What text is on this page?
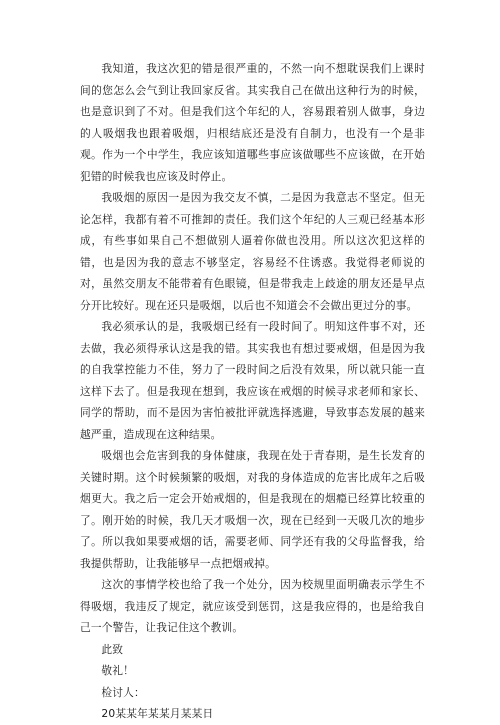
我知道，我这次犯的错是很严重的，不然一向不想耽误我们上课时间的您怎么会气到让我回家反省。其实我自己在做出这种行为的时候，也是意识到了不对。但是我们这个年纪的人，容易跟着别人做事，身边的人吸烟我也跟着吸烟，归根结底还是没有自制力，也没有一个是非观。作为一个中学生，我应该知道哪些事应该做哪些不应该做，在开始犯错的时候我也应该及时停止。

我吸烟的原因一是因为我交友不慎，二是因为我意志不坚定。但无论怎样，我都有着不可推卸的责任。我们这个年纪的人三观已经基本形成，有些事如果自己不想做别人逼着你做也没用。所以这次犯这样的错，也是因为我的意志不够坚定，容易经不住诱惑。我觉得老师说的对，虽然交朋友不能带着有色眼镜，但是带我走上歧途的朋友还是早点分开比较好。现在还只是吸烟，以后也不知道会不会做出更过分的事。

我必须承认的是，我吸烟已经有一段时间了。明知这件事不对，还去做，我必须得承认这是我的错。其实我也有想过要戒烟，但是因为我的自我掌控能力不佳，努力了一段时间之后没有效果，所以就只能一直这样下去了。但是我现在想到，我应该在戒烟的时候寻求老师和家长、同学的帮助，而不是因为害怕被批评就选择逃避，导致事态发展的越来越严重，造成现在这种结果。

吸烟也会危害到我的身体健康，我现在处于青春期，是生长发育的关键时期。这个时候频繁的吸烟，对我的身体造成的危害比成年之后吸烟更大。我之后一定会开始戒烟的，但是我现在的烟瘾已经算比较重的了。刚开始的时候，我几天才吸烟一次，现在已经到一天吸几次的地步了。所以我如果要戒烟的话，需要老师、同学还有我的父母监督我，给我提供帮助，让我能够早一点把烟戒掉。

这次的事情学校也给了我一个处分，因为校规里面明确表示学生不得吸烟，我违反了规定，就应该受到惩罚，这是我应得的，也是给我自己一个警告，让我记住这个教训。

此致

敬礼！

检讨人：

20某某年某某月某某日
